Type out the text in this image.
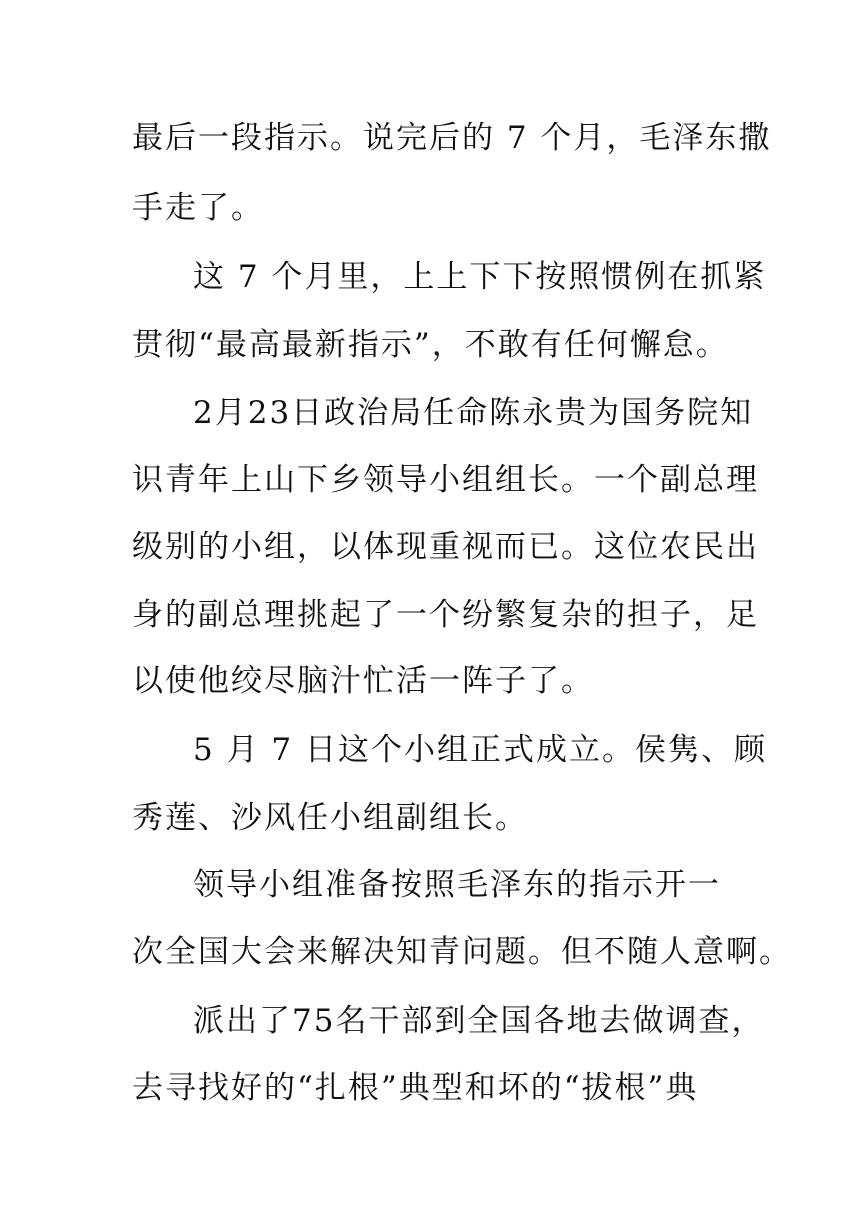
最后一段指示。说完后的 7 个月，毛泽东撒
手走了。
这 7 个月里，上上下下按照惯例在抓紧
贯彻“最高最新指示”，不敢有任何懈怠。
2月23日政治局任命陈永贵为国务院知
识青年上山下乡领导小组组长。一个副总理
级别的小组，以体现重视而已。这位农民出
身的副总理挑起了一个纷繁复杂的担子，足
以使他绞尽脑汁忙活一阵子了。
5 月 7 日这个小组正式成立。侯隽、顾
秀莲、沙风任小组副组长。
领导小组准备按照毛泽东的指示开一
次全国大会来解决知青问题。但不随人意啊。
派出了75名干部到全国各地去做调查，
去寻找好的“扎根”典型和坏的“拔根”典
